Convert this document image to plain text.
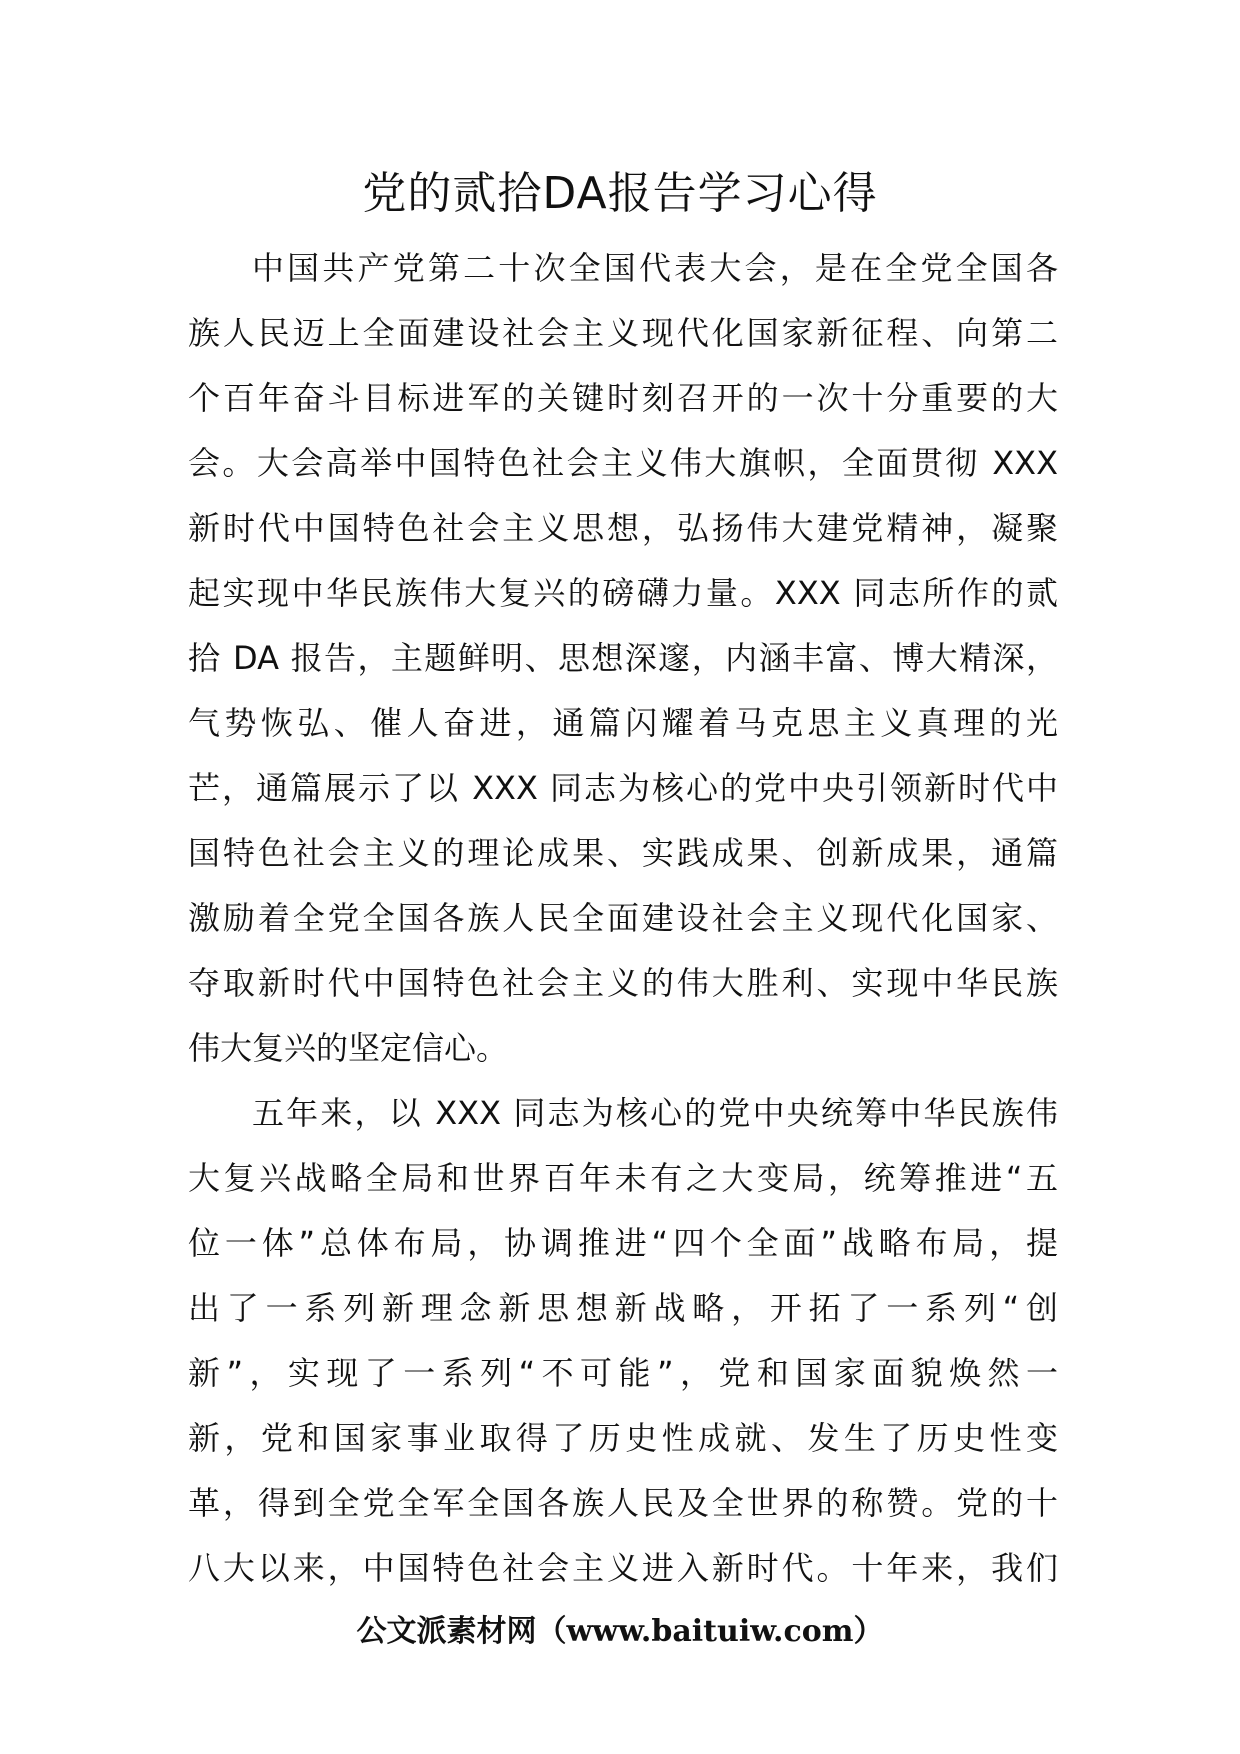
党的贰拾DA报告学习心得
中国共产党第二十次全国代表大会，是在全党全国各
族人民迈上全面建设社会主义现代化国家新征程、向第二
个百年奋斗目标进军的关键时刻召开的一次十分重要的大
会。大会高举中国特色社会主义伟大旗帜，全面贯彻 XXX
新时代中国特色社会主义思想，弘扬伟大建党精神，凝聚
起实现中华民族伟大复兴的磅礴力量。XXX 同志所作的贰
拾 DA 报告，主题鲜明、思想深邃，内涵丰富、博大精深，
气势恢弘、催人奋进，通篇闪耀着马克思主义真理的光
芒，通篇展示了以 XXX 同志为核心的党中央引领新时代中
国特色社会主义的理论成果、实践成果、创新成果，通篇
激励着全党全国各族人民全面建设社会主义现代化国家、
夺取新时代中国特色社会主义的伟大胜利、实现中华民族
伟大复兴的坚定信心。
五年来，以 XXX 同志为核心的党中央统筹中华民族伟
大复兴战略全局和世界百年未有之大变局，统筹推进“五
位一体”总体布局，协调推进“四个全面”战略布局，提
出了一系列新理念新思想新战略，开拓了一系列“创
新”，实现了一系列“不可能”，党和国家面貌焕然一
新，党和国家事业取得了历史性成就、发生了历史性变
革，得到全党全军全国各族人民及全世界的称赞。党的十
八大以来，中国特色社会主义进入新时代。十年来，我们
公文派素材网（www.baituiw.com）
